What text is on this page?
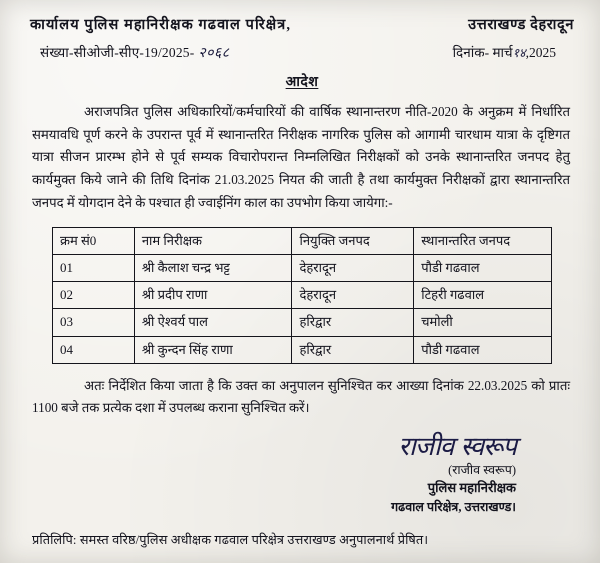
कार्यालय पुलिस महानिरीक्षक गढवाल परिक्षेत्र,	उत्तराखण्ड देहरादून
संख्या-सीओजी-सीए-19/2025- २०६८	दिनांक- मार्च१४,2025
आदेश
अराजपत्रित पुलिस अधिकारियों/कर्मचारियों की वार्षिक स्थानान्तरण नीति-2020 के अनुक्रम में निर्धारित समयावधि पूर्ण करने के उपरान्त पूर्व में स्थानान्तरित निरीक्षक नागरिक पुलिस को आगामी चारधाम यात्रा के दृष्टिगत यात्रा सीजन प्रारम्भ होने से पूर्व सम्यक विचारोपरान्त निम्नलिखित निरीक्षकों को उनके स्थानान्तरित जनपद हेतु कार्यमुक्त किये जाने की तिथि दिनांक 21.03.2025 नियत की जाती है तथा कार्यमुक्त निरीक्षकों द्वारा स्थानान्तरित जनपद में योगदान देने के पश्चात ही ज्वाईनिंग काल का उपभोग किया जायेगा:-
क्रम सं0	नाम निरीक्षक	नियुक्ति जनपद	स्थानान्तरित जनपद
01	श्री कैलाश चन्द्र भट्ट	देहरादून	पौडी गढवाल
02	श्री प्रदीप राणा	देहरादून	टिहरी गढवाल
03	श्री ऐश्वर्य पाल	हरिद्वार	चमोली
04	श्री कुन्दन सिंह राणा	हरिद्वार	पौडी गढवाल
अतः निर्देशित किया जाता है कि उक्त का अनुपालन सुनिश्चित कर आख्या दिनांक 22.03.2025 को प्रातः 1100 बजे तक प्रत्येक दशा में उपलब्ध कराना सुनिश्चित करें।
राजीव स्वरूप
(राजीव स्वरूप)
पुलिस महानिरीक्षक
गढवाल परिक्षेत्र, उत्तराखण्ड।
प्रतिलिपि: समस्त वरिष्ठ/पुलिस अधीक्षक गढवाल परिक्षेत्र उत्तराखण्ड अनुपालनार्थ प्रेषित।
